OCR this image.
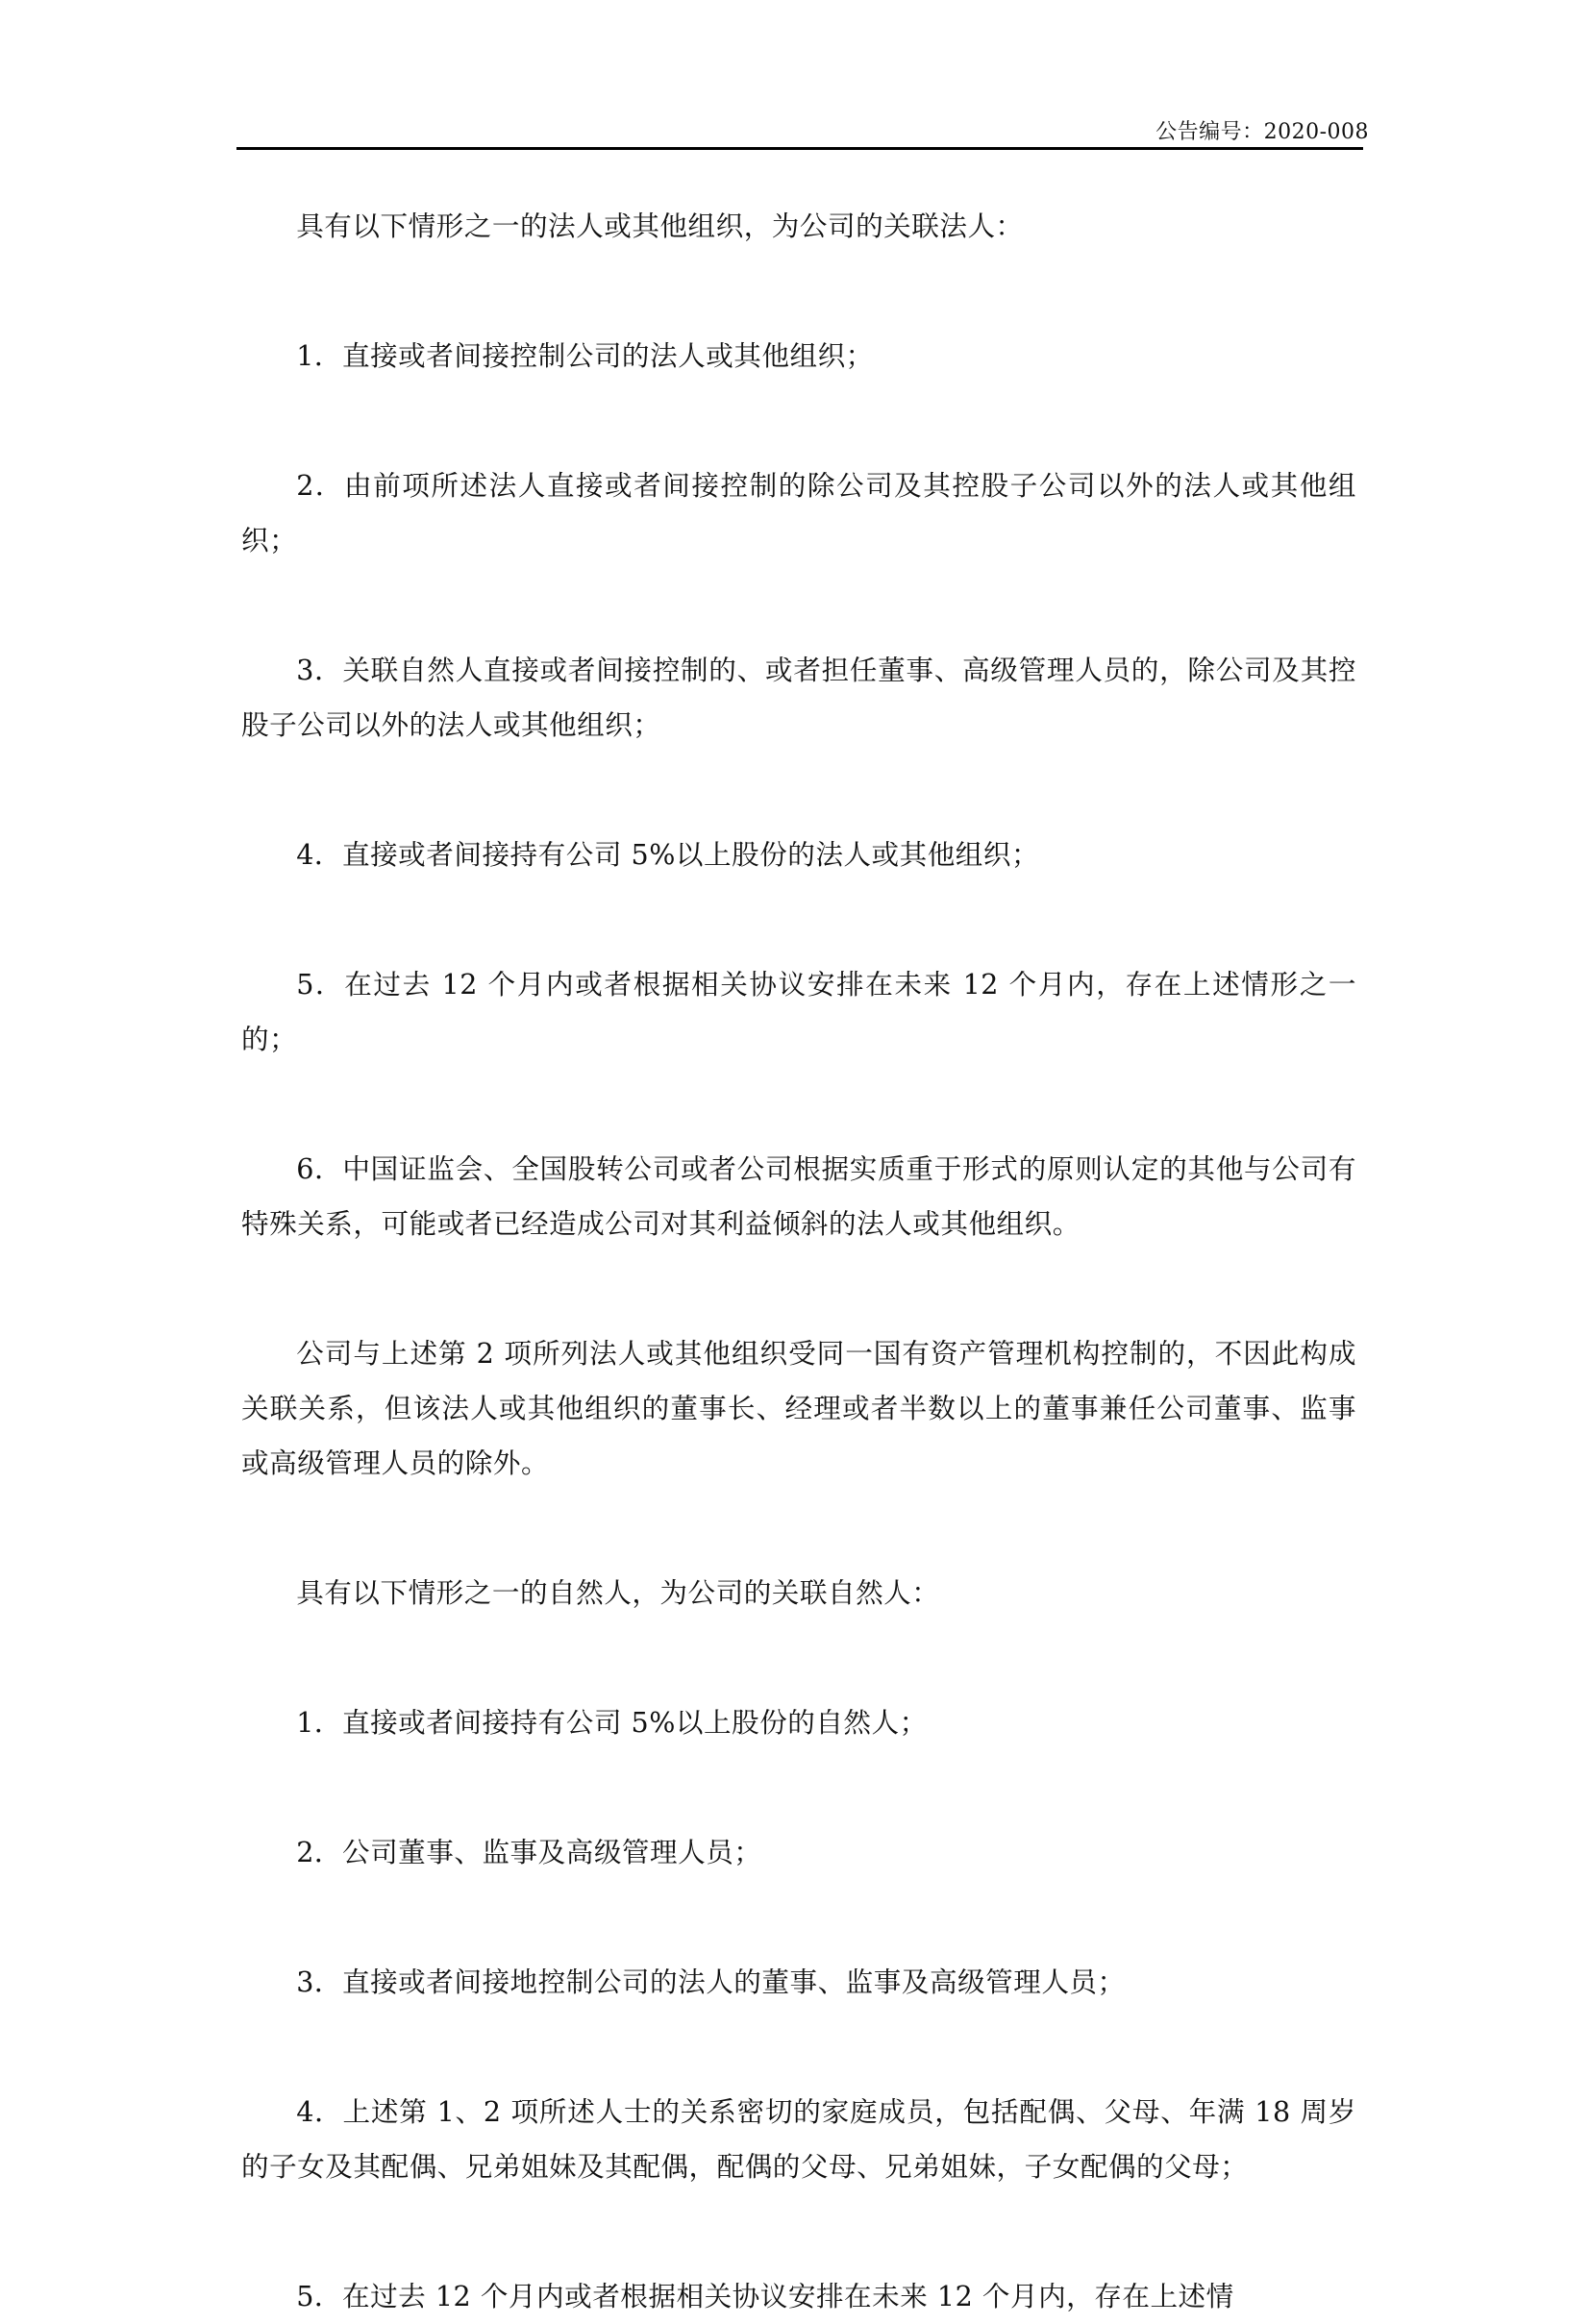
公告编号：2020-008

具有以下情形之一的法人或其他组织，为公司的关联法人：

1．直接或者间接控制公司的法人或其他组织；

2．由前项所述法人直接或者间接控制的除公司及其控股子公司以外的法人或其他组织；

3．关联自然人直接或者间接控制的、或者担任董事、高级管理人员的，除公司及其控股子公司以外的法人或其他组织；

4．直接或者间接持有公司 5%以上股份的法人或其他组织；

5．在过去 12 个月内或者根据相关协议安排在未来 12 个月内，存在上述情形之一的；

6．中国证监会、全国股转公司或者公司根据实质重于形式的原则认定的其他与公司有特殊关系，可能或者已经造成公司对其利益倾斜的法人或其他组织。

公司与上述第 2 项所列法人或其他组织受同一国有资产管理机构控制的，不因此构成关联关系，但该法人或其他组织的董事长、经理或者半数以上的董事兼任公司董事、监事或高级管理人员的除外。

具有以下情形之一的自然人，为公司的关联自然人：

1．直接或者间接持有公司 5%以上股份的自然人；

2．公司董事、监事及高级管理人员；

3．直接或者间接地控制公司的法人的董事、监事及高级管理人员；

4．上述第 1、2 项所述人士的关系密切的家庭成员，包括配偶、父母、年满 18 周岁的子女及其配偶、兄弟姐妹及其配偶，配偶的父母、兄弟姐妹，子女配偶的父母；

5．在过去 12 个月内或者根据相关协议安排在未来 12 个月内，存在上述情
